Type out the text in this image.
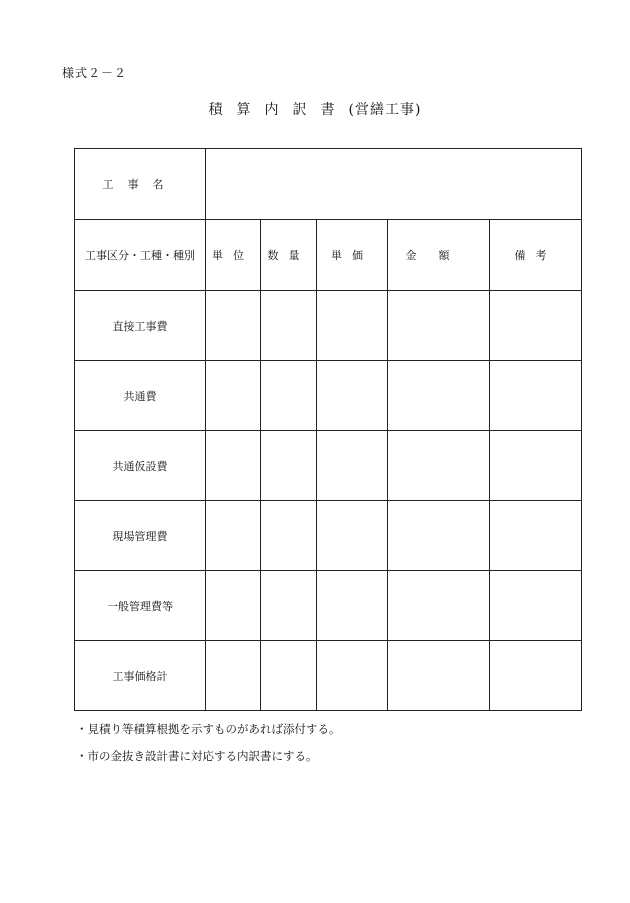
様式２－２
積算内訳書(営繕工事)
工事名					
工事区分・工種・種別	単位	数量	単価	金額	備考
直接工事費					
共通費					
共通仮設費					
現場管理費					
一般管理費等					
工事価格計					
・見積り等積算根拠を示すものがあれば添付する。
・市の金抜き設計書に対応する内訳書にする。
